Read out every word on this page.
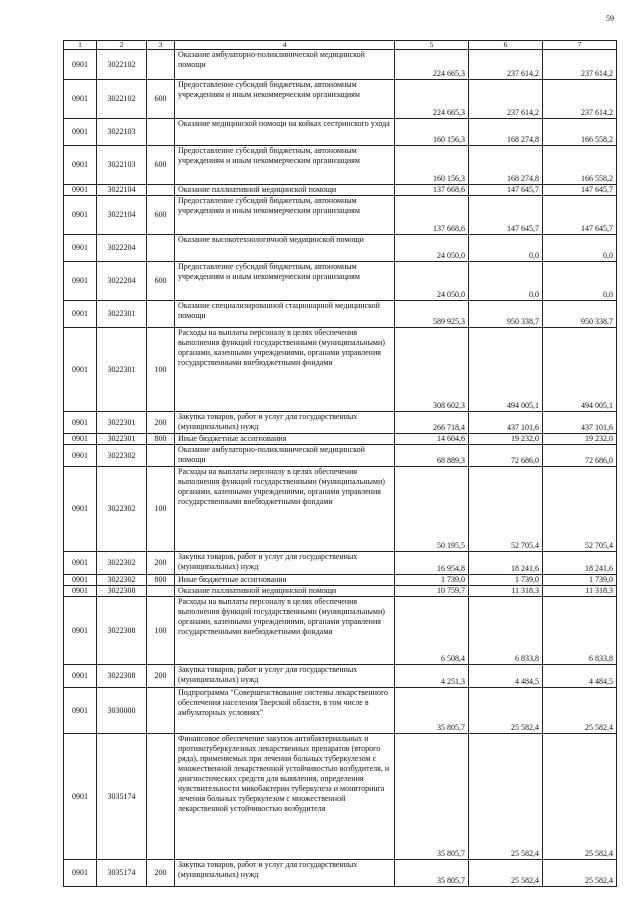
59
1	2	3	4	5	6	7
0901	3022102		Оказание амбулаторно-поликлинической медицинской помощи	224 665,3	237 614,2	237 614,2
0901	3022102	600	Предоставление субсидий бюджетным, автономным учреждениям и иным некоммерческим организациям	224 665,3	237 614,2	237 614,2
0901	3022103		Оказание медицинской помощи на койках сестринского ухода	160 156,3	168 274,8	166 558,2
0901	3022103	600	Предоставление субсидий бюджетным, автономным учреждениям и иным некоммерческим организациям	160 156,3	168 274,8	166 558,2
0901	3022104		Оказание паллиативной медицинской помощи	137 668,6	147 645,7	147 645,7
0901	3022104	600	Предоставление субсидий бюджетным, автономным учреждениям и иным некоммерческим организациям	137 668,6	147 645,7	147 645,7
0901	3022204		Оказание высокотехнологичной медицинской помощи	24 050,0	0,0	0,0
0901	3022204	600	Предоставление субсидий бюджетным, автономным учреждениям и иным некоммерческим организациям	24 050,0	0,0	0,0
0901	3022301		Оказание специализированной стационарной медицинской помощи	589 925,3	950 338,7	950 338,7
0901	3022301	100	Расходы на выплаты персоналу в целях обеспечения выполнения функций государственными (муниципальными) органами, казенными учреждениями, органами управления государственными внебюджетными фондами	308 602,3	494 005,1	494 005,1
0901	3022301	200	Закупка товаров, работ и услуг для государственных (муниципальных) нужд	266 718,4	437 101,6	437 101,6
0901	3022301	800	Иные бюджетные ассигнования	14 604,6	19 232,0	19 232,0
0901	3022302		Оказание амбулаторно-поликлинической медицинской помощи	68 889,3	72 686,0	72 686,0
0901	3022302	100	Расходы на выплаты персоналу в целях обеспечения выполнения функций государственными (муниципальными) органами, казенными учреждениями, органами управления государственными внебюджетными фондами	50 195,5	52 705,4	52 705,4
0901	3022302	200	Закупка товаров, работ и услуг для государственных (муниципальных) нужд	16 954,8	18 241,6	18 241,6
0901	3022302	800	Иные бюджетные ассигнования	1 739,0	1 739,0	1 739,0
0901	3022308		Оказание паллиативной медицинской помощи	10 759,7	11 318,3	11 318,3
0901	3022308	100	Расходы на выплаты персоналу в целях обеспечения выполнения функций государственными (муниципальными) органами, казенными учреждениями, органами управления государственными внебюджетными фондами	6 508,4	6 833,8	6 833,8
0901	3022308	200	Закупка товаров, работ и услуг для государственных (муниципальных) нужд	4 251,3	4 484,5	4 484,5
0901	3030000		Подпрограмма "Совершенствование системы лекарственного обеспечения населения Тверской области, в том числе в амбулаторных условиях"	35 805,7	25 582,4	25 582,4
0901	3035174		Финансовое обеспечение закупок антибактериальных и противотуберкулезных лекарственных препаратов (второго ряда), применяемых при лечении больных туберкулезом с множественной лекарственной устойчивостью возбудителя, и диагностических средств для выявления, определения чувствительности микобактерии туберкулеза и мониторинга лечения больных туберкулезом с множественной лекарственной устойчивостью возбудителя	35 805,7	25 582,4	25 582,4
0901	3035174	200	Закупка товаров, работ и услуг для государственных (муниципальных) нужд	35 805,7	25 582,4	25 582,4
